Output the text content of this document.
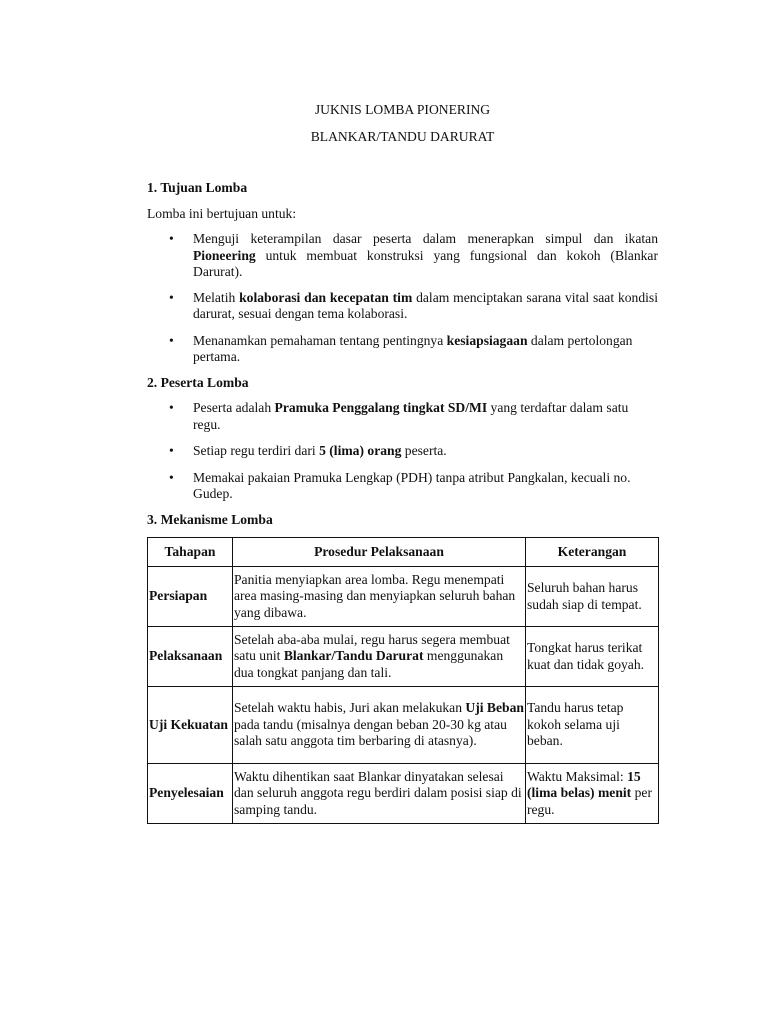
JUKNIS LOMBA PIONERING

BLANKAR/TANDU DARURAT

1. Tujuan Lomba

Lomba ini bertujuan untuk:

• Menguji keterampilan dasar peserta dalam menerapkan simpul dan ikatan Pioneering untuk membuat konstruksi yang fungsional dan kokoh (Blankar Darurat).
• Melatih kolaborasi dan kecepatan tim dalam menciptakan sarana vital saat kondisi darurat, sesuai dengan tema kolaborasi.
• Menanamkan pemahaman tentang pentingnya kesiapsiagaan dalam pertolongan pertama.

2. Peserta Lomba

• Peserta adalah Pramuka Penggalang tingkat SD/MI yang terdaftar dalam satu regu.
• Setiap regu terdiri dari 5 (lima) orang peserta.
• Memakai pakaian Pramuka Lengkap (PDH) tanpa atribut Pangkalan, kecuali no. Gudep.

3. Mekanisme Lomba

Tahapan	Prosedur Pelaksanaan	Keterangan
Persiapan	Panitia menyiapkan area lomba. Regu menempati area masing-masing dan menyiapkan seluruh bahan yang dibawa.	Seluruh bahan harus sudah siap di tempat.
Pelaksanaan	Setelah aba-aba mulai, regu harus segera membuat satu unit Blankar/Tandu Darurat menggunakan dua tongkat panjang dan tali.	Tongkat harus terikat kuat dan tidak goyah.
Uji Kekuatan	Setelah waktu habis, Juri akan melakukan Uji Beban pada tandu (misalnya dengan beban 20-30 kg atau salah satu anggota tim berbaring di atasnya).	Tandu harus tetap kokoh selama uji beban.
Penyelesaian	Waktu dihentikan saat Blankar dinyatakan selesai dan seluruh anggota regu berdiri dalam posisi siap di samping tandu.	Waktu Maksimal: 15 (lima belas) menit per regu.
